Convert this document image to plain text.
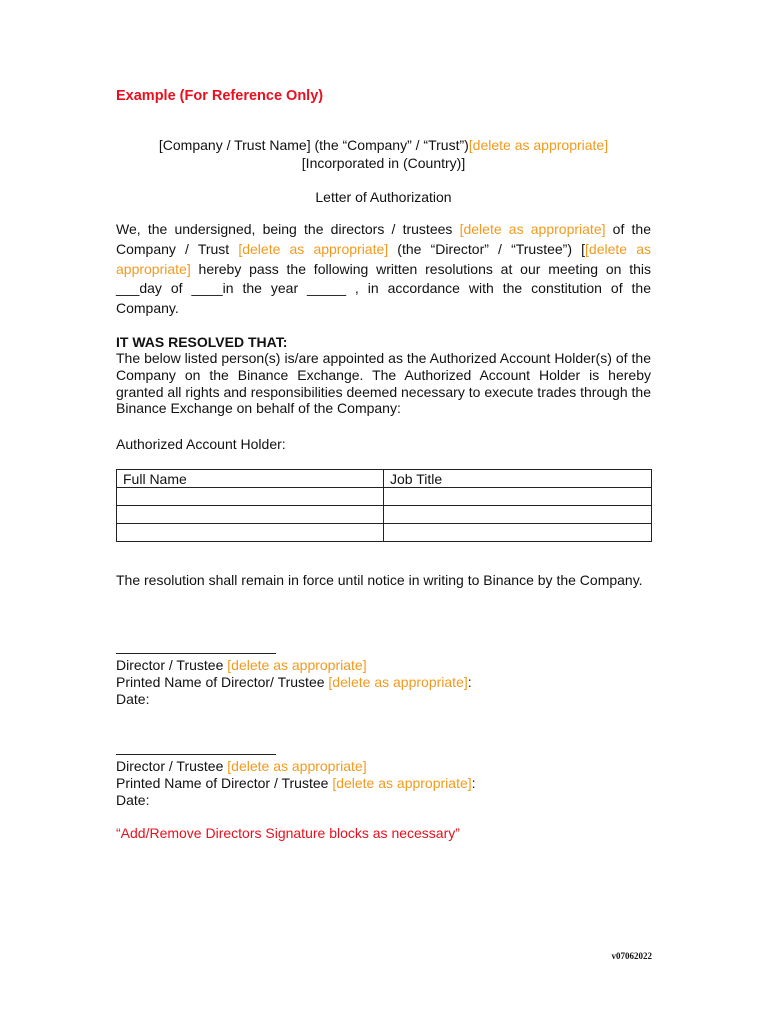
Example (For Reference Only)
[Company / Trust Name] (the “Company” / “Trust”)[delete as appropriate]
[Incorporated in (Country)]
Letter of Authorization
We, the undersigned, being the directors / trustees [delete as appropriate] of the Company / Trust [delete as appropriate] (the “Director” / “Trustee”) [[delete as appropriate] hereby pass the following written resolutions at our meeting on this ___day of ____in the year _____ , in accordance with the constitution of the Company.
IT WAS RESOLVED THAT:
The below listed person(s) is/are appointed as the Authorized Account Holder(s) of the Company on the Binance Exchange. The Authorized Account Holder is hereby granted all rights and responsibilities deemed necessary to execute trades through the Binance Exchange on behalf of the Company:
Authorized Account Holder:
Full Name	Job Title

The resolution shall remain in force until notice in writing to Binance by the Company.
Director / Trustee [delete as appropriate]
Printed Name of Director/ Trustee [delete as appropriate]:
Date:
Director / Trustee [delete as appropriate]
Printed Name of Director / Trustee [delete as appropriate]:
Date:
“Add/Remove Directors Signature blocks as necessary”
v07062022
